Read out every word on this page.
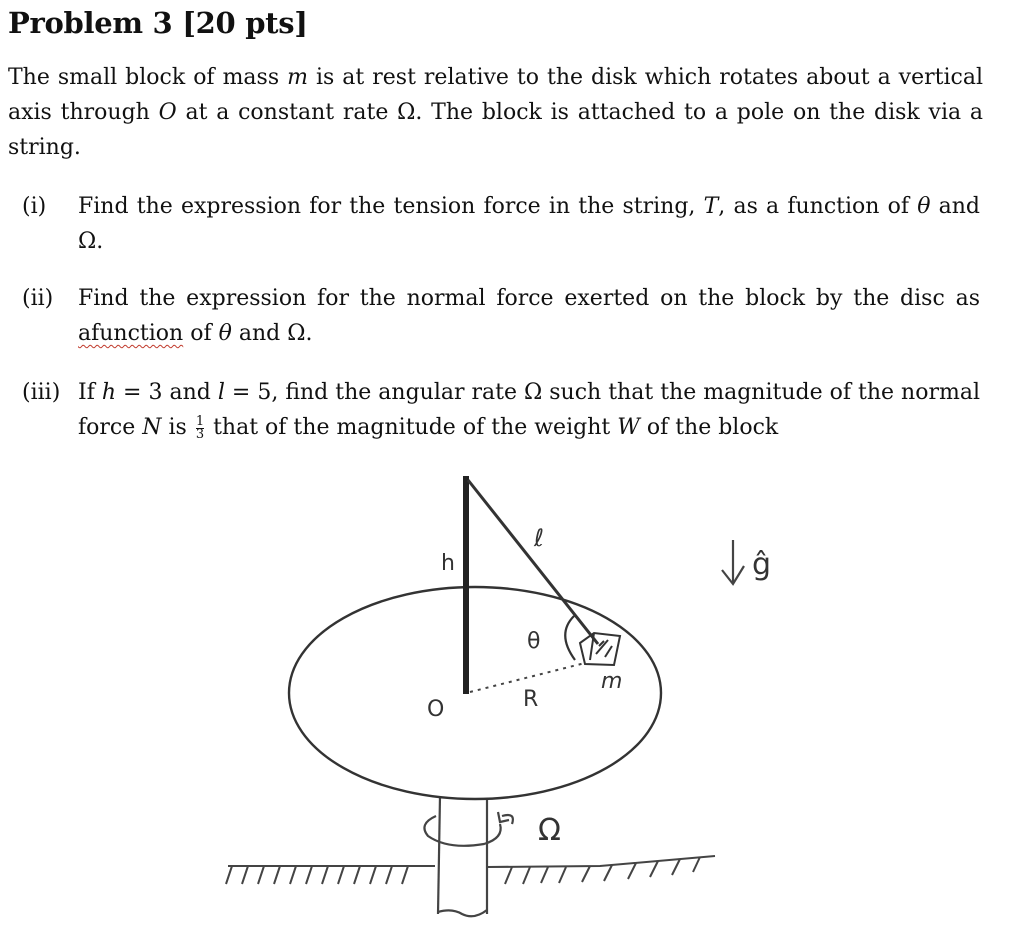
Problem 3 [20 pts]
The small block of mass m is at rest relative to the disk which rotates about a vertical axis through O at a constant rate Ω. The block is attached to a pole on the disk via a string.
(i) Find the expression for the tension force in the string, T, as a function of θ and Ω.
(ii) Find the expression for the normal force exerted on the block by the disc as afunction of θ and Ω.
(iii) If h = 3 and l = 5, find the angular rate Ω such that the magnitude of the normal force N is $\frac{1}{3}$ that of the magnitude of the weight W of the block
h
ℓ
θ
R
m
O
Ω
ĝ
